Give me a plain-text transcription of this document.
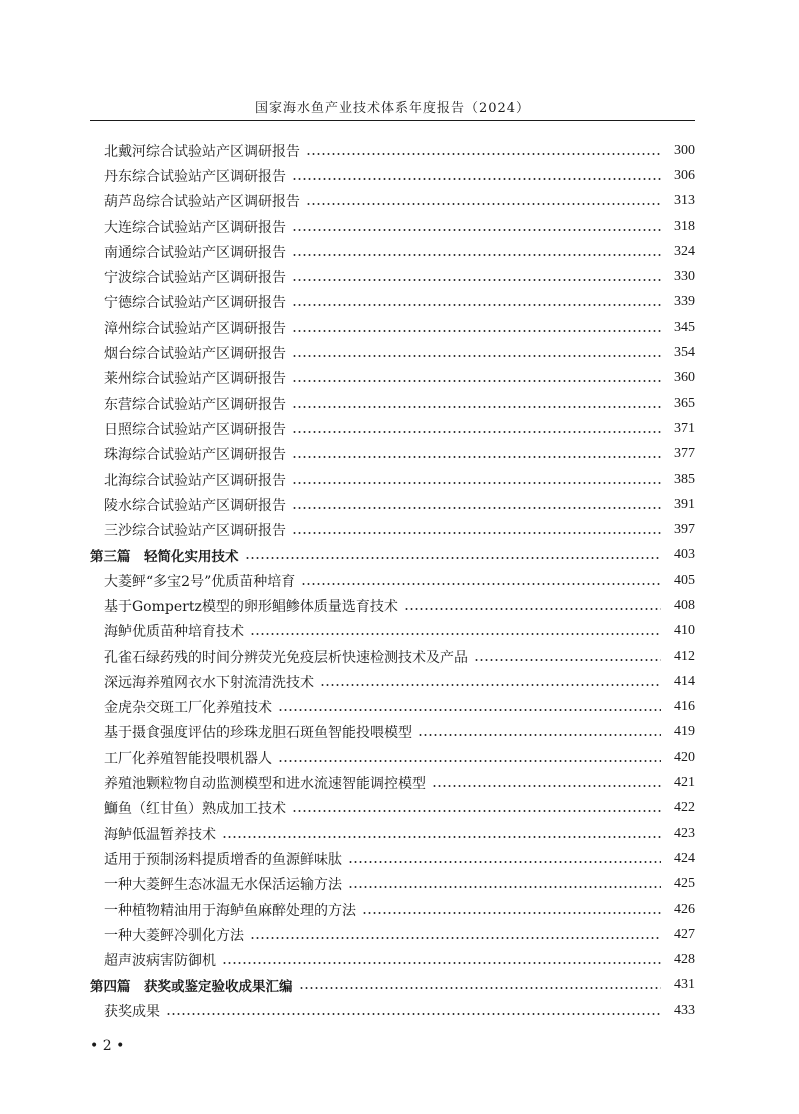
国家海水鱼产业技术体系年度报告（2024）
北戴河综合试验站产区调研报告	300
丹东综合试验站产区调研报告	306
葫芦岛综合试验站产区调研报告	313
大连综合试验站产区调研报告	318
南通综合试验站产区调研报告	324
宁波综合试验站产区调研报告	330
宁德综合试验站产区调研报告	339
漳州综合试验站产区调研报告	345
烟台综合试验站产区调研报告	354
莱州综合试验站产区调研报告	360
东营综合试验站产区调研报告	365
日照综合试验站产区调研报告	371
珠海综合试验站产区调研报告	377
北海综合试验站产区调研报告	385
陵水综合试验站产区调研报告	391
三沙综合试验站产区调研报告	397
第三篇　轻简化实用技术	403
大菱鲆“多宝2号”优质苗种培育	405
基于Gompertz模型的卵形鲳鲹体质量选育技术	408
海鲈优质苗种培育技术	410
孔雀石绿药残的时间分辨荧光免疫层析快速检测技术及产品	412
深远海养殖网衣水下射流清洗技术	414
金虎杂交斑工厂化养殖技术	416
基于摄食强度评估的珍珠龙胆石斑鱼智能投喂模型	419
工厂化养殖智能投喂机器人	420
养殖池颗粒物自动监测模型和进水流速智能调控模型	421
鰤鱼（红甘鱼）熟成加工技术	422
海鲈低温暂养技术	423
适用于预制汤料提质增香的鱼源鲜味肽	424
一种大菱鲆生态冰温无水保活运输方法	425
一种植物精油用于海鲈鱼麻醉处理的方法	426
一种大菱鲆冷驯化方法	427
超声波病害防御机	428
第四篇　获奖或鉴定验收成果汇编	431
获奖成果	433
• 2 •
